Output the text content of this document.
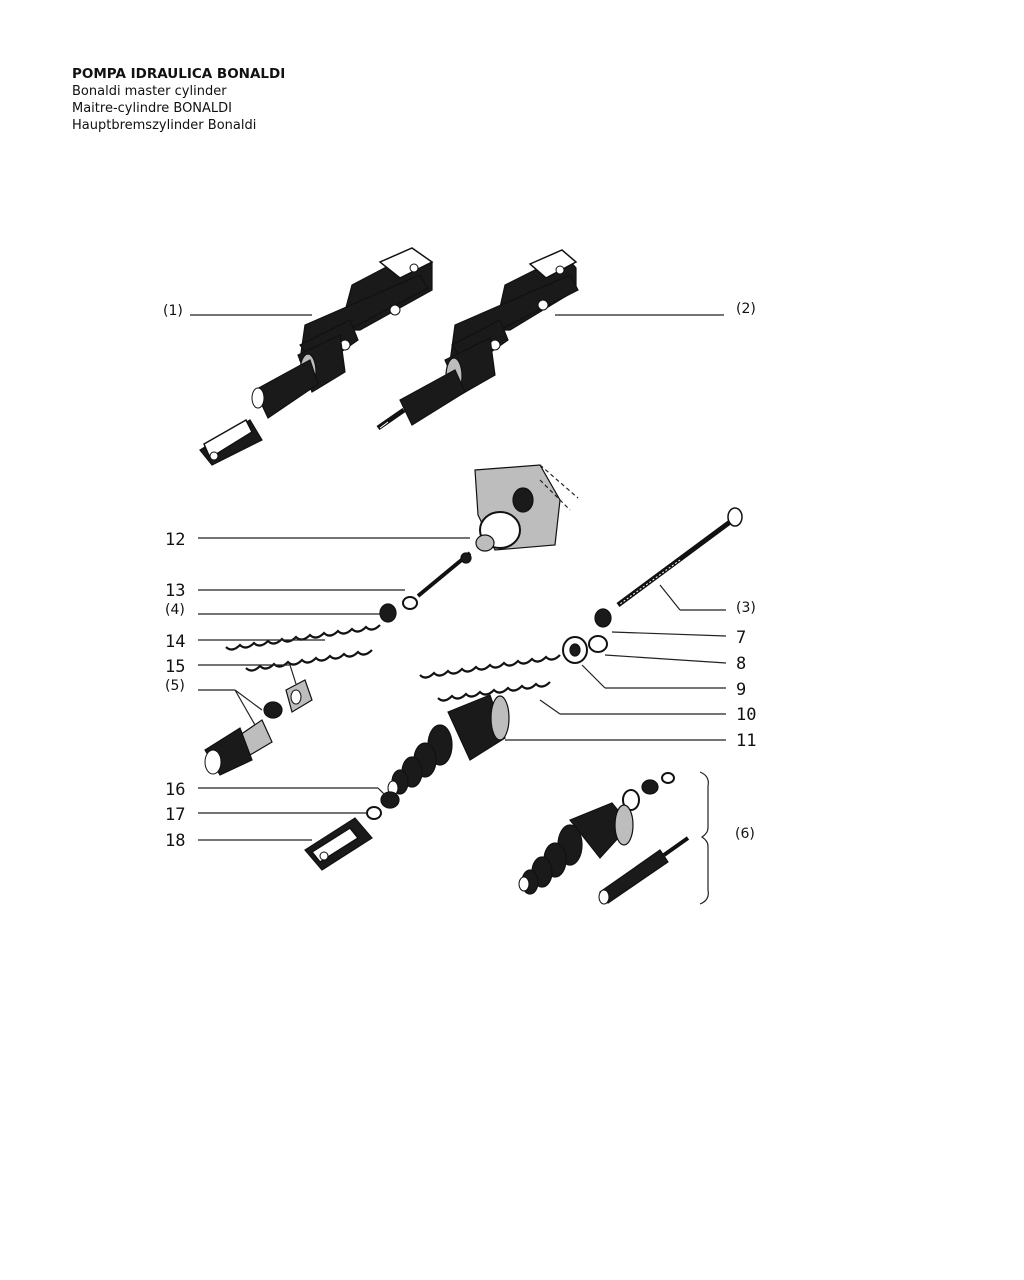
POMPA IDRAULICA BONALDI
Bonaldi master cylinder
Maitre-cylindre BONALDI
Hauptbremszylinder Bonaldi
(1)	(2)
12
13
(4)
14
15
(5)
(3)
7
8
9
10
11
16
17
18	(6)
